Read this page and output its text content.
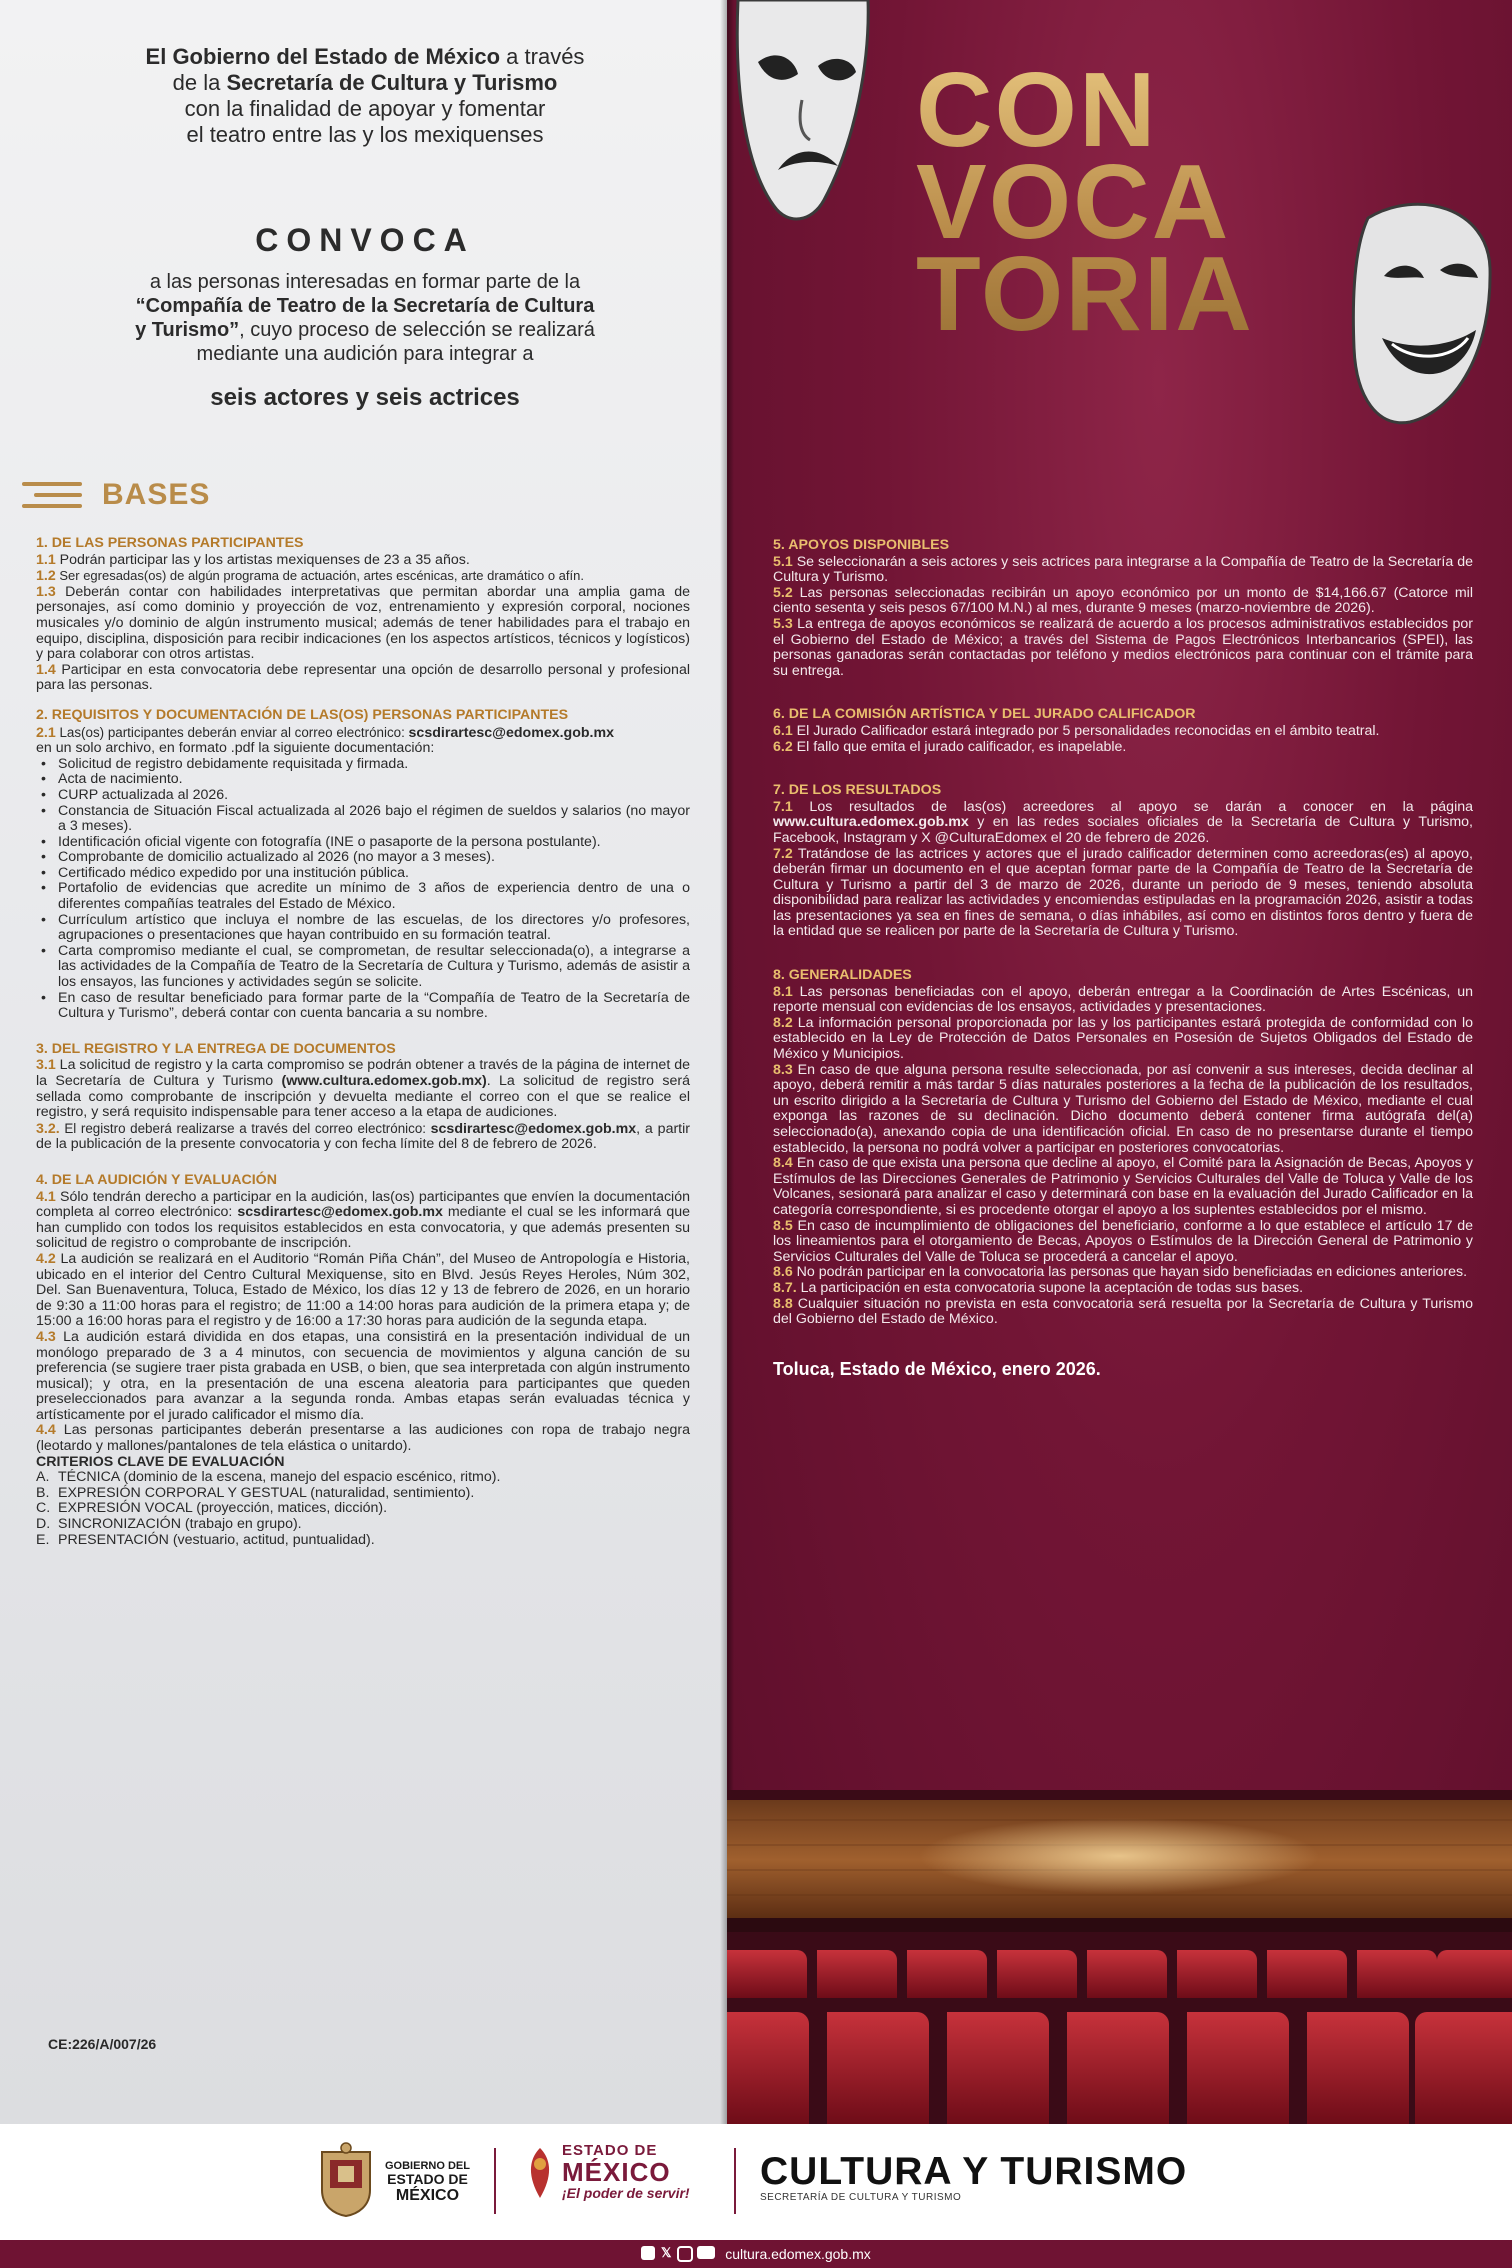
El Gobierno del Estado de México a través
de la Secretaría de Cultura y Turismo
con la finalidad de apoyar y fomentar
el teatro entre las y los mexiquenses
CONVOCA
a las personas interesadas en formar parte de la
“Compañía de Teatro de la Secretaría de Cultura
y Turismo”, cuyo proceso de selección se realizará
mediante una audición para integrar a
seis actores y seis actrices
BASES
1. DE LAS PERSONAS PARTICIPANTES

1.1 Podrán participar las y los artistas mexiquenses de 23 a 35 años.

1.2 Ser egresadas(os) de algún programa de actuación, artes escénicas, arte dramático o afín.

1.3 Deberán contar con habilidades interpretativas que permitan abordar una amplia gama de personajes, así como dominio y proyección de voz, entrenamiento y expresión corporal, nociones musicales y/o dominio de algún instrumento musical; además de tener habilidades para el trabajo en equipo, disciplina, disposición para recibir indicaciones (en los aspectos artísticos, técnicos y logísticos) y para colaborar con otros artistas.

1.4 Participar en esta convocatoria debe representar una opción de desarrollo personal y profesional para las personas.

2. REQUISITOS Y DOCUMENTACIÓN DE LAS(OS) PERSONAS PARTICIPANTES

2.1 Las(os) participantes deberán enviar al correo electrónico: scsdirartesc@edomex.gob.mx

en un solo archivo, en formato .pdf la siguiente documentación:

• Solicitud de registro debidamente requisitada y firmada.

• Acta de nacimiento.

• CURP actualizada al 2026.

• Constancia de Situación Fiscal actualizada al 2026 bajo el régimen de sueldos y salarios (no mayor a 3 meses).

• Identificación oficial vigente con fotografía (INE o pasaporte de la persona postulante).

• Comprobante de domicilio actualizado al 2026 (no mayor a 3 meses).

• Certificado médico expedido por una institución pública.

• Portafolio de evidencias que acredite un mínimo de 3 años de experiencia dentro de una o diferentes compañías teatrales del Estado de México.

• Currículum artístico que incluya el nombre de las escuelas, de los directores y/o profesores, agrupaciones o presentaciones que hayan contribuido en su formación teatral.

• Carta compromiso mediante el cual, se comprometan, de resultar seleccionada(o), a integrarse a las actividades de la Compañía de Teatro de la Secretaría de Cultura y Turismo, además de asistir a los ensayos, las funciones y actividades según se solicite.

• En caso de resultar beneficiado para formar parte de la “Compañía de Teatro de la Secretaría de Cultura y Turismo”, deberá contar con cuenta bancaria a su nombre.

3. DEL REGISTRO Y LA ENTREGA DE DOCUMENTOS

3.1 La solicitud de registro y la carta compromiso se podrán obtener a través de la página de internet de la Secretaría de Cultura y Turismo (www.cultura.edomex.gob.mx). La solicitud de registro será sellada como comprobante de inscripción y devuelta mediante el correo con el que se realice el registro, y será requisito indispensable para tener acceso a la etapa de audiciones.

3.2. El registro deberá realizarse a través del correo electrónico: scsdirartesc@edomex.gob.mx, a partir de la publicación de la presente convocatoria y con fecha límite del 8 de febrero de 2026.

4. DE LA AUDICIÓN Y EVALUACIÓN

4.1 Sólo tendrán derecho a participar en la audición, las(os) participantes que envíen la documentación completa al correo electrónico: scsdirartesc@edomex.gob.mx mediante el cual se les informará que han cumplido con todos los requisitos establecidos en esta convocatoria, y que además presenten su solicitud de registro o comprobante de inscripción.

4.2 La audición se realizará en el Auditorio “Román Piña Chán”, del Museo de Antropología e Historia, ubicado en el interior del Centro Cultural Mexiquense, sito en Blvd. Jesús Reyes Heroles, Núm 302, Del. San Buenaventura, Toluca, Estado de México, los días 12 y 13 de febrero de 2026, en un horario de 9:30 a 11:00 horas para el registro; de 11:00 a 14:00 horas para audición de la primera etapa y; de 15:00 a 16:00 horas para el registro y de 16:00 a 17:30 horas para audición de la segunda etapa.

4.3 La audición estará dividida en dos etapas, una consistirá en la presentación individual de un monólogo preparado de 3 a 4 minutos, con secuencia de movimientos y alguna canción de su preferencia (se sugiere traer pista grabada en USB, o bien, que sea interpretada con algún instrumento musical); y otra, en la presentación de una escena aleatoria para participantes que queden preseleccionados para avanzar a la segunda ronda. Ambas etapas serán evaluadas técnica y artísticamente por el jurado calificador el mismo día.

4.4 Las personas participantes deberán presentarse a las audiciones con ropa de trabajo negra (leotardo y mallones/pantalones de tela elástica o unitardo).

CRITERIOS CLAVE DE EVALUACIÓN

A. TÉCNICA (dominio de la escena, manejo del espacio escénico, ritmo).

B. EXPRESIÓN CORPORAL Y GESTUAL (naturalidad, sentimiento).

C. EXPRESIÓN VOCAL (proyección, matices, dicción).

D. SINCRONIZACIÓN (trabajo en grupo).

E. PRESENTACIÓN (vestuario, actitud, puntualidad).

CE:226/A/007/26
CON
VOCA
TORIA
5. APOYOS DISPONIBLES

5.1 Se seleccionarán a seis actores y seis actrices para integrarse a la Compañía de Teatro de la Secretaría de Cultura y Turismo.

5.2 Las personas seleccionadas recibirán un apoyo económico por un monto de $14,166.67 (Catorce mil ciento sesenta y seis pesos 67/100 M.N.) al mes, durante 9 meses (marzo-noviembre de 2026).

5.3 La entrega de apoyos económicos se realizará de acuerdo a los procesos administrativos establecidos por el Gobierno del Estado de México; a través del Sistema de Pagos Electrónicos Interbancarios (SPEI), las personas ganadoras serán contactadas por teléfono y medios electrónicos para continuar con el trámite para su entrega.

6. DE LA COMISIÓN ARTÍSTICA Y DEL JURADO CALIFICADOR

6.1 El Jurado Calificador estará integrado por 5 personalidades reconocidas en el ámbito teatral.

6.2 El fallo que emita el jurado calificador, es inapelable.

7. DE LOS RESULTADOS

7.1 Los resultados de las(os) acreedores al apoyo se darán a conocer en la página www.cultura.edomex.gob.mx y en las redes sociales oficiales de la Secretaría de Cultura y Turismo, Facebook, Instagram y X @CulturaEdomex el 20 de febrero de 2026.

7.2 Tratándose de las actrices y actores que el jurado calificador determinen como acreedoras(es) al apoyo, deberán firmar un documento en el que aceptan formar parte de la Compañía de Teatro de la Secretaría de Cultura y Turismo a partir del 3 de marzo de 2026, durante un periodo de 9 meses, teniendo absoluta disponibilidad para realizar las actividades y encomiendas estipuladas en la programación 2026, asistir a todas las presentaciones ya sea en fines de semana, o días inhábiles, así como en distintos foros dentro y fuera de la entidad que se realicen por parte de la Secretaría de Cultura y Turismo.

8. GENERALIDADES

8.1 Las personas beneficiadas con el apoyo, deberán entregar a la Coordinación de Artes Escénicas, un reporte mensual con evidencias de los ensayos, actividades y presentaciones.

8.2 La información personal proporcionada por las y los participantes estará protegida de conformidad con lo establecido en la Ley de Protección de Datos Personales en Posesión de Sujetos Obligados del Estado de México y Municipios.

8.3 En caso de que alguna persona resulte seleccionada, por así convenir a sus intereses, decida declinar al apoyo, deberá remitir a más tardar 5 días naturales posteriores a la fecha de la publicación de los resultados, un escrito dirigido a la Secretaría de Cultura y Turismo del Gobierno del Estado de México, mediante el cual exponga las razones de su declinación. Dicho documento deberá contener firma autógrafa del(a) seleccionado(a), anexando copia de una identificación oficial. En caso de no presentarse durante el tiempo establecido, la persona no podrá volver a participar en posteriores convocatorias.

8.4 En caso de que exista una persona que decline al apoyo, el Comité para la Asignación de Becas, Apoyos y Estímulos de las Direcciones Generales de Patrimonio y Servicios Culturales del Valle de Toluca y Valle de los Volcanes, sesionará para analizar el caso y determinará con base en la evaluación del Jurado Calificador en la categoría correspondiente, si es procedente otorgar el apoyo a los suplentes establecidos por el mismo.

8.5 En caso de incumplimiento de obligaciones del beneficiario, conforme a lo que establece el artículo 17 de los lineamientos para el otorgamiento de Becas, Apoyos o Estímulos de la Dirección General de Patrimonio y Servicios Culturales del Valle de Toluca se procederá a cancelar el apoyo.

8.6 No podrán participar en la convocatoria las personas que hayan sido beneficiadas en ediciones anteriores.

8.7. La participación en esta convocatoria supone la aceptación de todas sus bases.

8.8 Cualquier situación no prevista en esta convocatoria será resuelta por la Secretaría de Cultura y Turismo del Gobierno del Estado de México.

Toluca, Estado de México, enero 2026.
GOBIERNO DEL
ESTADO DE
MÉXICO
ESTADO DE
MÉXICO
¡El poder de servir! CULTURA Y TURISMO
SECRETARÍA DE CULTURA Y TURISMO
𝕏	cultura.edomex.gob.mx
